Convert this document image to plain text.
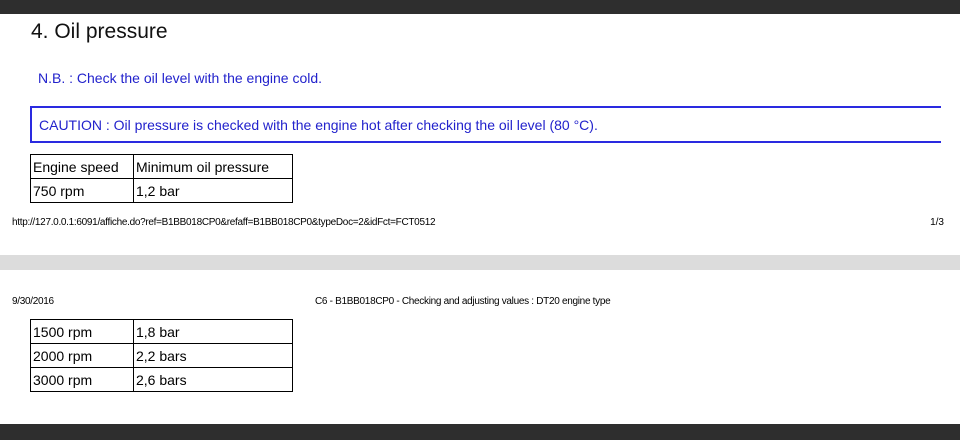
4. Oil pressure
N.B. : Check the oil level with the engine cold.
CAUTION : Oil pressure is checked with the engine hot after checking the oil level (80 °C).
Engine speed	Minimum oil pressure
750 rpm	1,2 bar
http://127.0.0.1:6091/affiche.do?ref=B1BB018CP0&refaff=B1BB018CP0&typeDoc=2&idFct=FCT0512	1/3
9/30/2016	C6 - B1BB018CP0 - Checking and adjusting values : DT20 engine type
1500 rpm	1,8 bar
2000 rpm	2,2 bars
3000 rpm	2,6 bars
